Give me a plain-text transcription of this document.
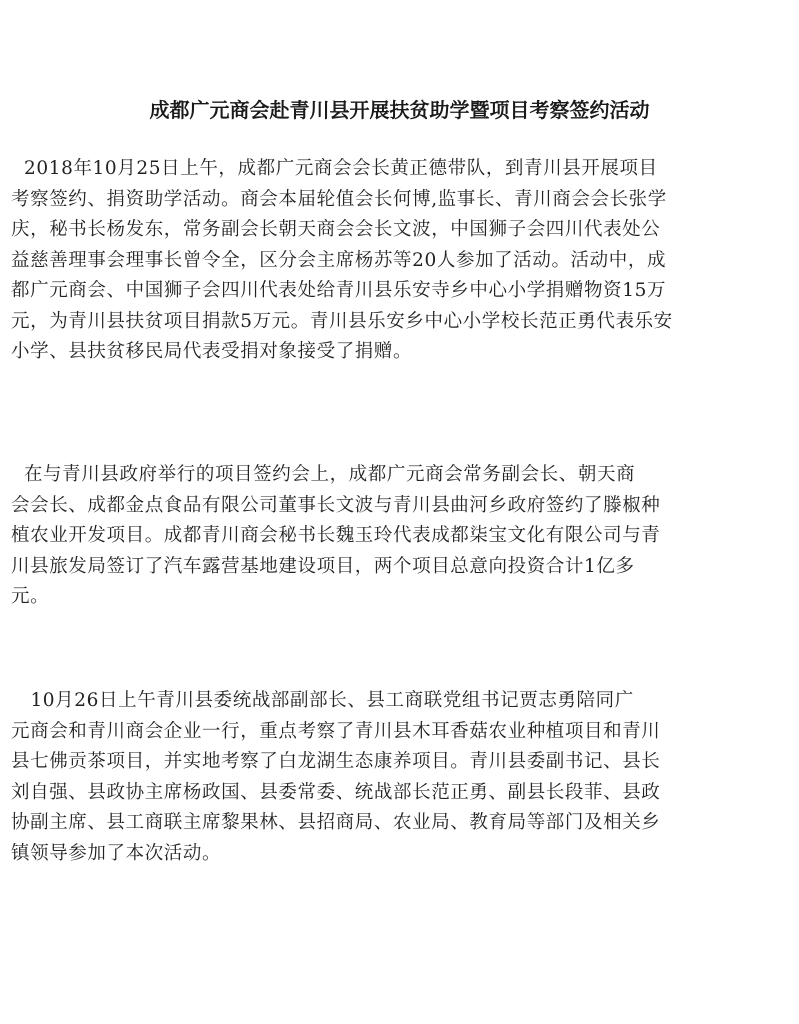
成都广元商会赴青川县开展扶贫助学暨项目考察签约活动
2018年10月25日上午，成都广元商会会长黄正德带队，到青川县开展项目
考察签约、捐资助学活动。商会本届轮值会长何博,监事长、青川商会会长张学
庆，秘书长杨发东，常务副会长朝天商会会长文波，中国狮子会四川代表处公
益慈善理事会理事长曾令全，区分会主席杨苏等20人参加了活动。活动中，成
都广元商会、中国狮子会四川代表处给青川县乐安寺乡中心小学捐赠物资15万
元，为青川县扶贫项目捐款5万元。青川县乐安乡中心小学校长范正勇代表乐安
小学、县扶贫移民局代表受捐对象接受了捐赠。
在与青川县政府举行的项目签约会上，成都广元商会常务副会长、朝天商
会会长、成都金点食品有限公司董事长文波与青川县曲河乡政府签约了滕椒种
植农业开发项目。成都青川商会秘书长魏玉玲代表成都柒宝文化有限公司与青
川县旅发局签订了汽车露营基地建设项目，两个项目总意向投资合计1亿多
元。
10月26日上午青川县委统战部副部长、县工商联党组书记贾志勇陪同广
元商会和青川商会企业一行，重点考察了青川县木耳香菇农业种植项目和青川
县七佛贡茶项目，并实地考察了白龙湖生态康养项目。青川县委副书记、县长
刘自强、县政协主席杨政国、县委常委、统战部长范正勇、副县长段菲、县政
协副主席、县工商联主席黎果林、县招商局、农业局、教育局等部门及相关乡
镇领导参加了本次活动。
